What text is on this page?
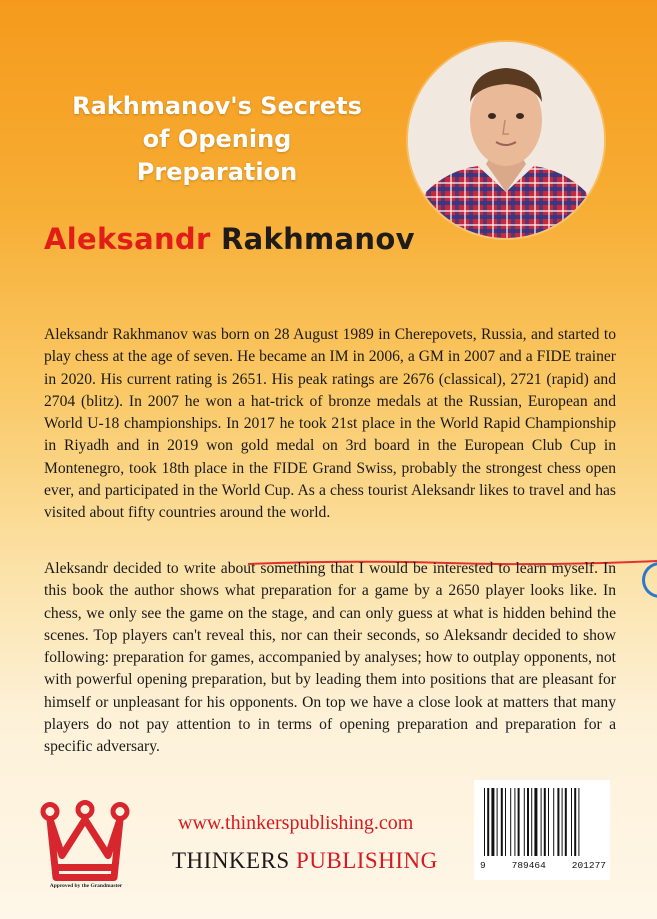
Rakhmanov's Secrets
of Opening Preparation
Aleksandr Rakhmanov

Aleksandr Rakhmanov was born on 28 August 1989 in Cherepovets, Russia, and started to play chess at the age of seven. He became an IM in 2006, a GM in 2007 and a FIDE trainer in 2020. His current rating is 2651. His peak ratings are 2676 (classical), 2721 (rapid) and 2704 (blitz). In 2007 he won a hat-trick of bronze medals at the Russian, European and World U-18 championships. In 2017 he took 21st place in the World Rapid Championship in Riyadh and in 2019 won gold medal on 3rd board in the European Club Cup in Montenegro, took 18th place in the FIDE Grand Swiss, probably the strongest chess open ever, and participated in the World Cup. As a chess tourist Aleksandr likes to travel and has visited about fifty countries around the world.

Aleksandr decided to write about something that I would be interested to learn myself. In this book the author shows what preparation for a game by a 2650 player looks like. In chess, we only see the game on the stage, and can only guess at what is hidden behind the scenes. Top players can't reveal this, nor can their seconds, so Aleksandr decided to show following: preparation for games, accompanied by analyses; how to outplay opponents, not with powerful opening preparation, but by leading them into positions that are pleasant for himself or unpleasant for his opponents. On top we have a close look at matters that many players do not pay attention to in terms of opening preparation and preparation for a specific adversary.

Approved by the Grandmaster
www.thinkerspublishing.com
THINKERS PUBLISHING	9	789464	201277
